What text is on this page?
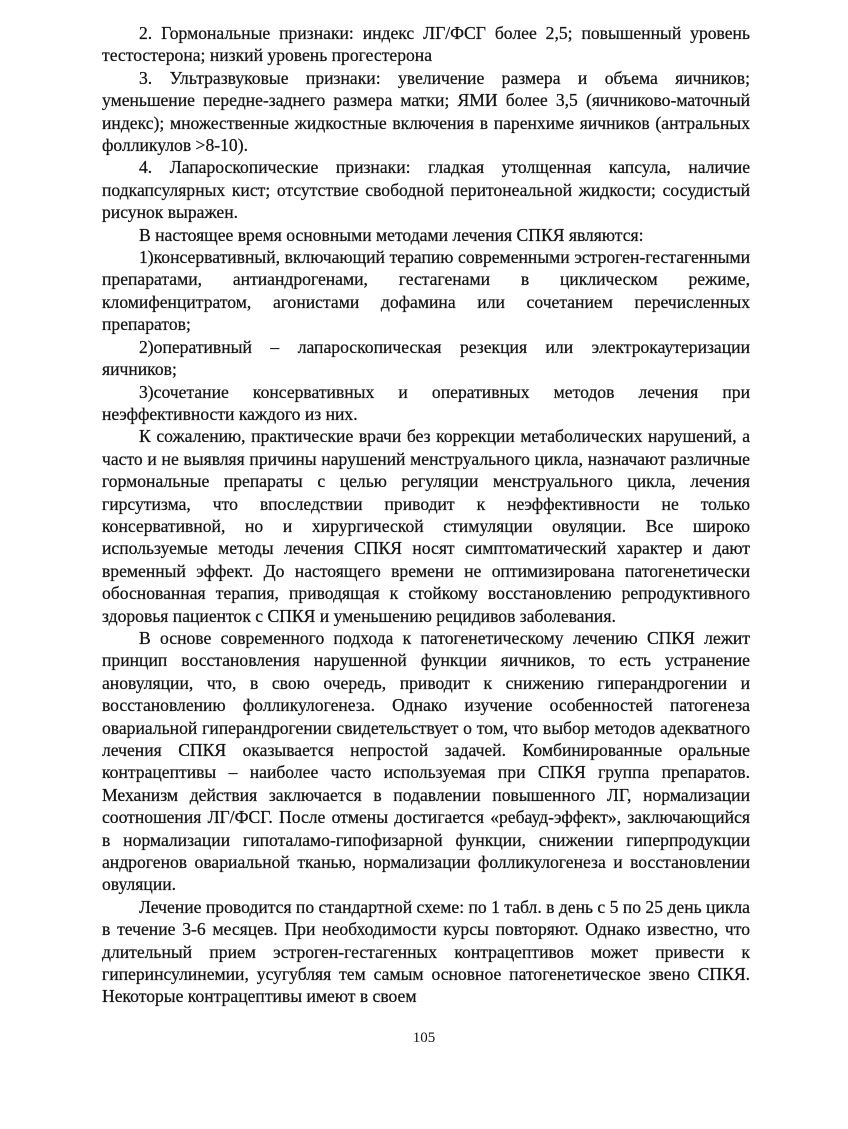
2. Гормональные признаки: индекс ЛГ/ФСГ более 2,5; повышенный уровень тестостерона; низкий уровень прогестерона

3. Ультразвуковые признаки: увеличение размера и объема яичников; уменьшение передне-заднего размера матки; ЯМИ более 3,5 (яичниково-маточный индекс); множественные жидкостные включения в паренхиме яичников (антральных фолликулов >8-10).

4. Лапароскопические признаки: гладкая утолщенная капсула, наличие подкапсулярных кист; отсутствие свободной перитонеальной жидкости; сосудистый рисунок выражен.

В настоящее время основными методами лечения СПКЯ являются:

1)консервативный, включающий терапию современными эстроген-гестагенными препаратами, антиандрогенами, гестагенами в циклическом режиме, кломифенцитратом, агонистами дофамина или сочетанием перечисленных препаратов;

2)оперативный – лапароскопическая резекция или электрокаутеризации яичников;

3)сочетание консервативных и оперативных методов лечения при неэффективности каждого из них.

К сожалению, практические врачи без коррекции метаболических нарушений, а часто и не выявляя причины нарушений менструального цикла, назначают различные гормональные препараты с целью регуляции менструального цикла, лечения гирсутизма, что впоследствии приводит к неэффективности не только консервативной, но и хирургической стимуляции овуляции. Все широко используемые методы лечения СПКЯ носят симптоматический характер и дают временный эффект. До настоящего времени не оптимизирована патогенетически обоснованная терапия, приводящая к стойкому восстановлению репродуктивного здоровья пациенток с СПКЯ и уменьшению рецидивов заболевания.

В основе современного подхода к патогенетическому лечению СПКЯ лежит принцип восстановления нарушенной функции яичников, то есть устранение ановуляции, что, в свою очередь, приводит к снижению гиперандрогении и восстановлению фолликулогенеза. Однако изучение особенностей патогенеза овариальной гиперандрогении свидетельствует о том, что выбор методов адекватного лечения СПКЯ оказывается непростой задачей. Комбинированные оральные контрацептивы – наиболее часто используемая при СПКЯ группа препаратов. Механизм действия заключается в подавлении повышенного ЛГ, нормализации соотношения ЛГ/ФСГ. После отмены достигается «ребауд-эффект», заключающийся в нормализации гипоталамо-гипофизарной функции, снижении гиперпродукции андрогенов овариальной тканью, нормализации фолликулогенеза и восстановлении овуляции.

Лечение проводится по стандартной схеме: по 1 табл. в день с 5 по 25 день цикла в течение 3-6 месяцев. При необходимости курсы повторяют. Однако известно, что длительный прием эстроген-гестагенных контрацептивов может привести к гиперинсулинемии, усугубляя тем самым основное патогенетическое звено СПКЯ. Некоторые контрацептивы имеют в своем

105
